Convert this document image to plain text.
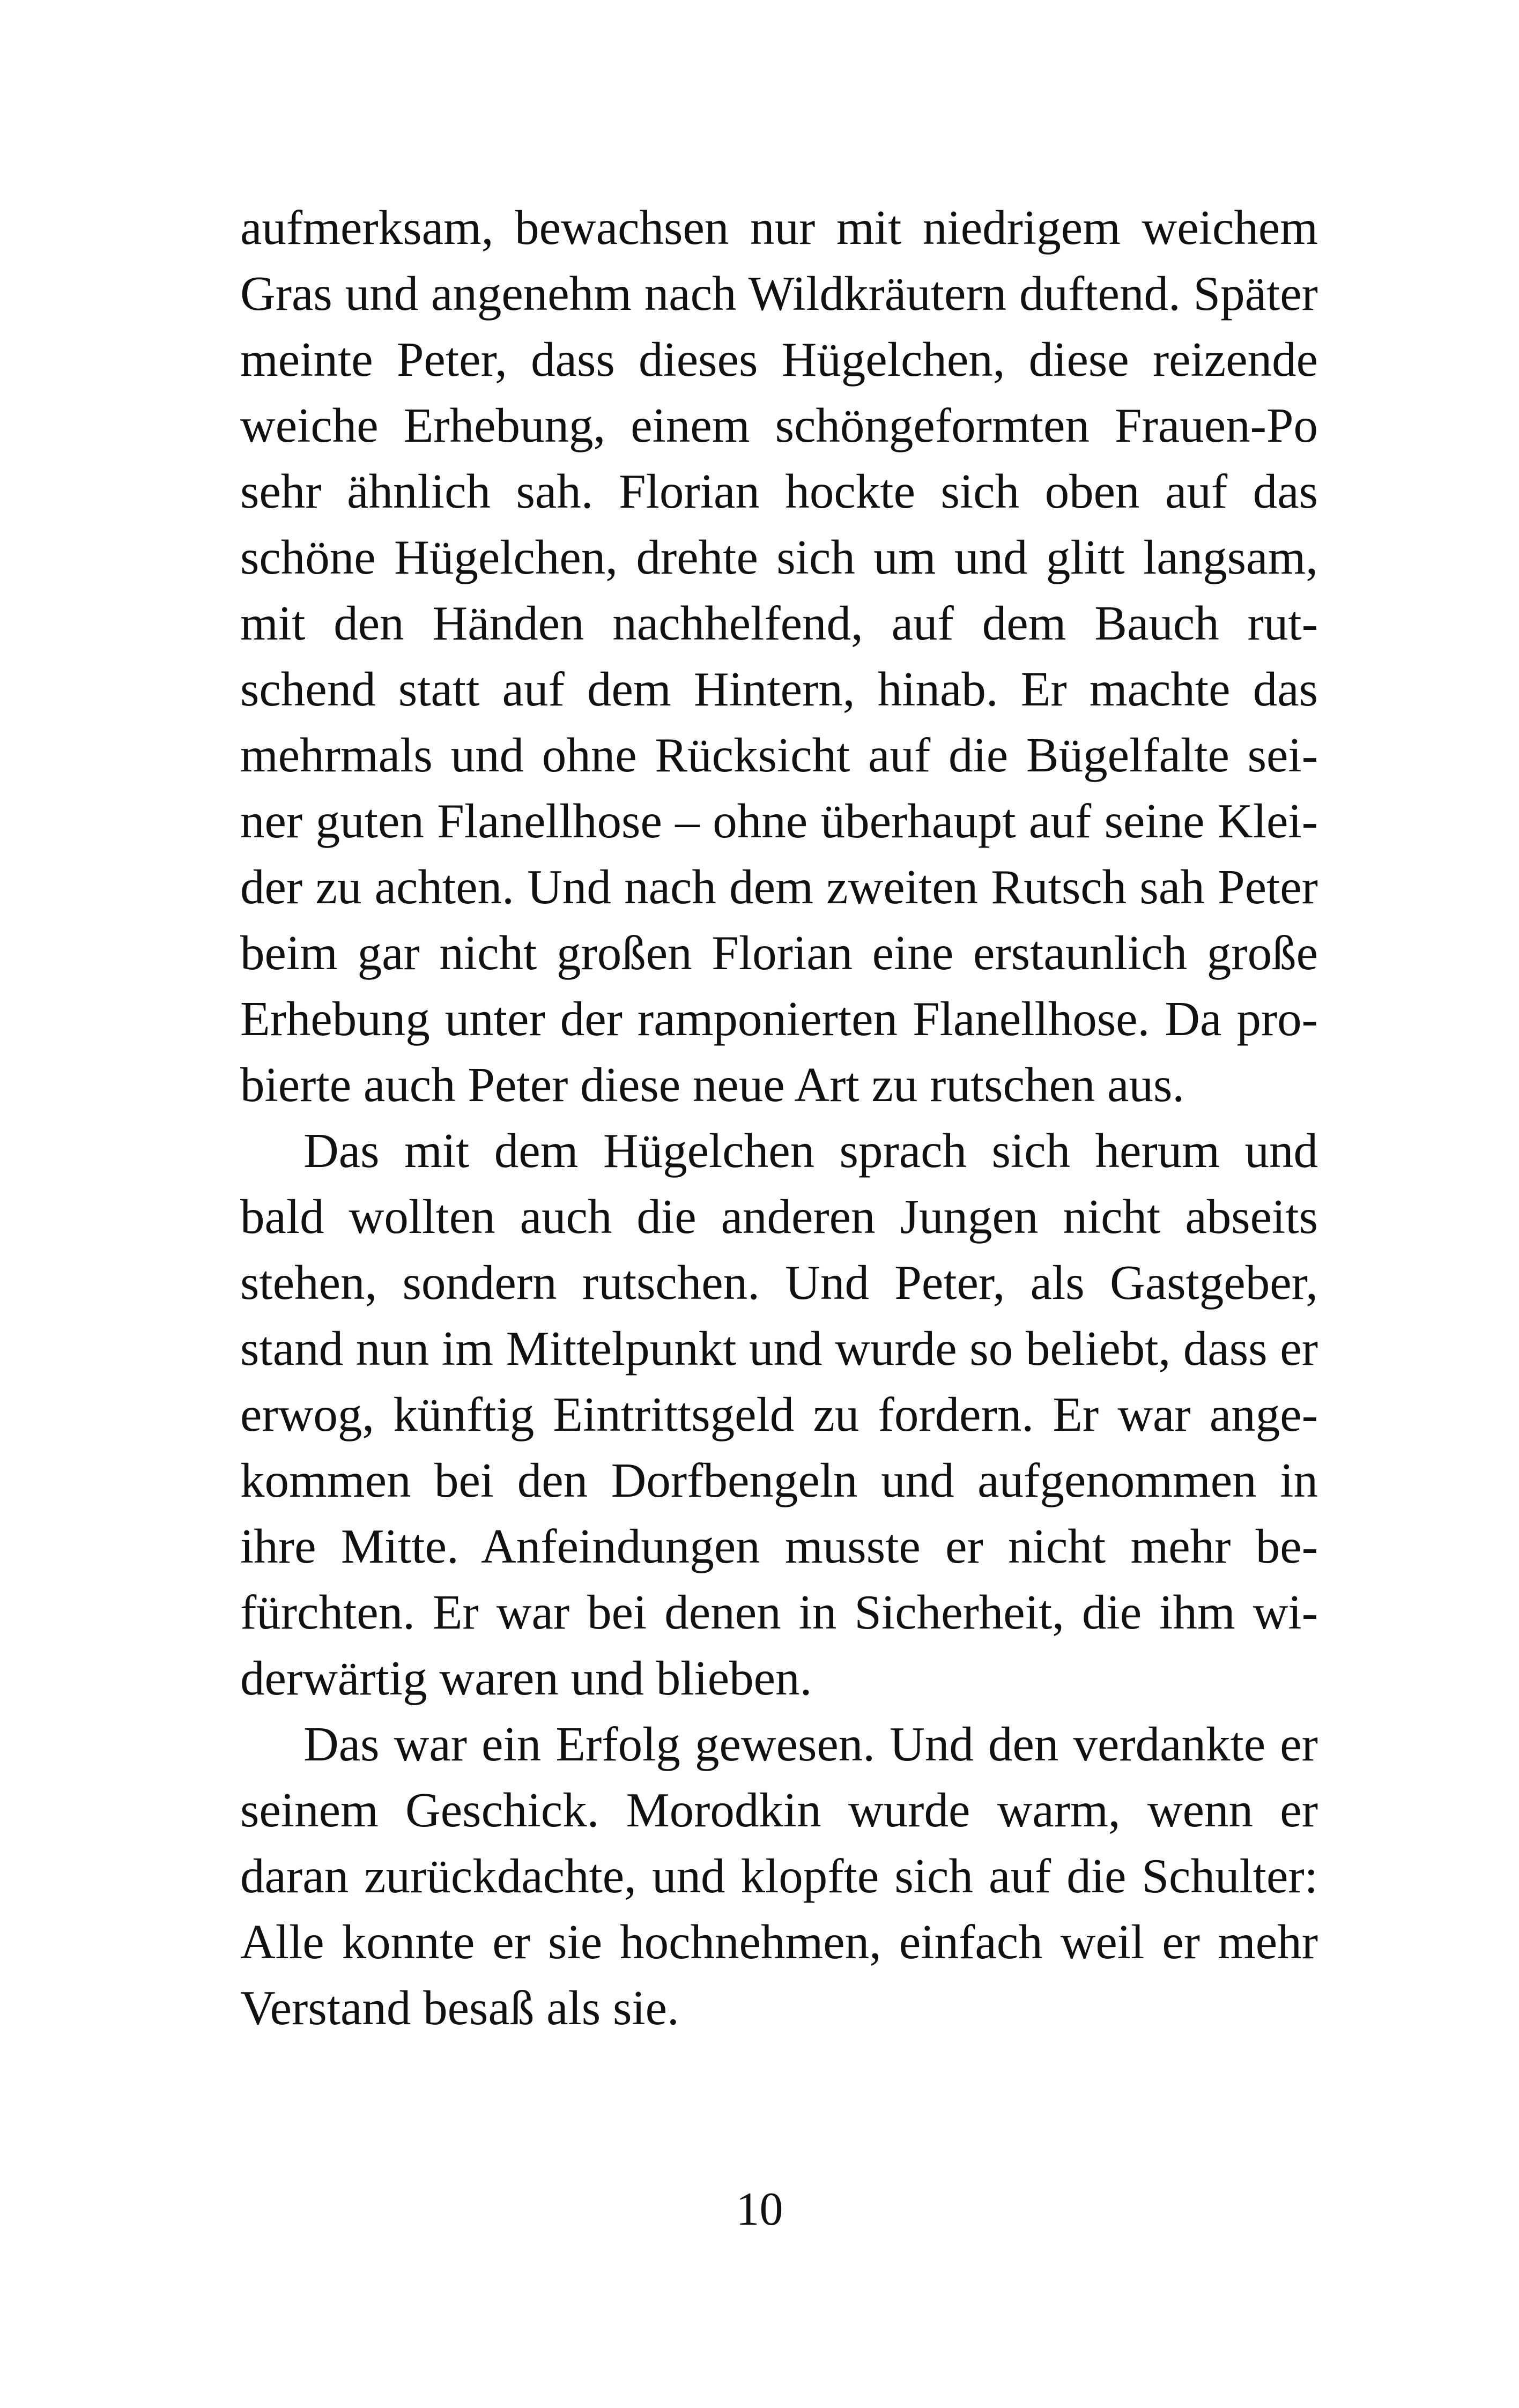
aufmerksam, bewachsen nur mit niedrigem weichem
Gras und angenehm nach Wildkräutern duftend. Später
meinte Peter, dass dieses Hügelchen, diese reizende
weiche Erhebung, einem schöngeformten Frauen-Po
sehr ähnlich sah. Florian hockte sich oben auf das
schöne Hügelchen, drehte sich um und glitt langsam,
mit den Händen nachhelfend, auf dem Bauch rut-
schend statt auf dem Hintern, hinab. Er machte das
mehrmals und ohne Rücksicht auf die Bügelfalte sei-
ner guten Flanellhose – ohne überhaupt auf seine Klei-
der zu achten. Und nach dem zweiten Rutsch sah Peter
beim gar nicht großen Florian eine erstaunlich große
Erhebung unter der ramponierten Flanellhose. Da pro-
bierte auch Peter diese neue Art zu rutschen aus.
Das mit dem Hügelchen sprach sich herum und
bald wollten auch die anderen Jungen nicht abseits
stehen, sondern rutschen. Und Peter, als Gastgeber,
stand nun im Mittelpunkt und wurde so beliebt, dass er
erwog, künftig Eintrittsgeld zu fordern. Er war ange-
kommen bei den Dorfbengeln und aufgenommen in
ihre Mitte. Anfeindungen musste er nicht mehr be-
fürchten. Er war bei denen in Sicherheit, die ihm wi-
derwärtig waren und blieben.
Das war ein Erfolg gewesen. Und den verdankte er
seinem Geschick. Morodkin wurde warm, wenn er
daran zurückdachte, und klopfte sich auf die Schulter:
Alle konnte er sie hochnehmen, einfach weil er mehr
Verstand besaß als sie.
10
